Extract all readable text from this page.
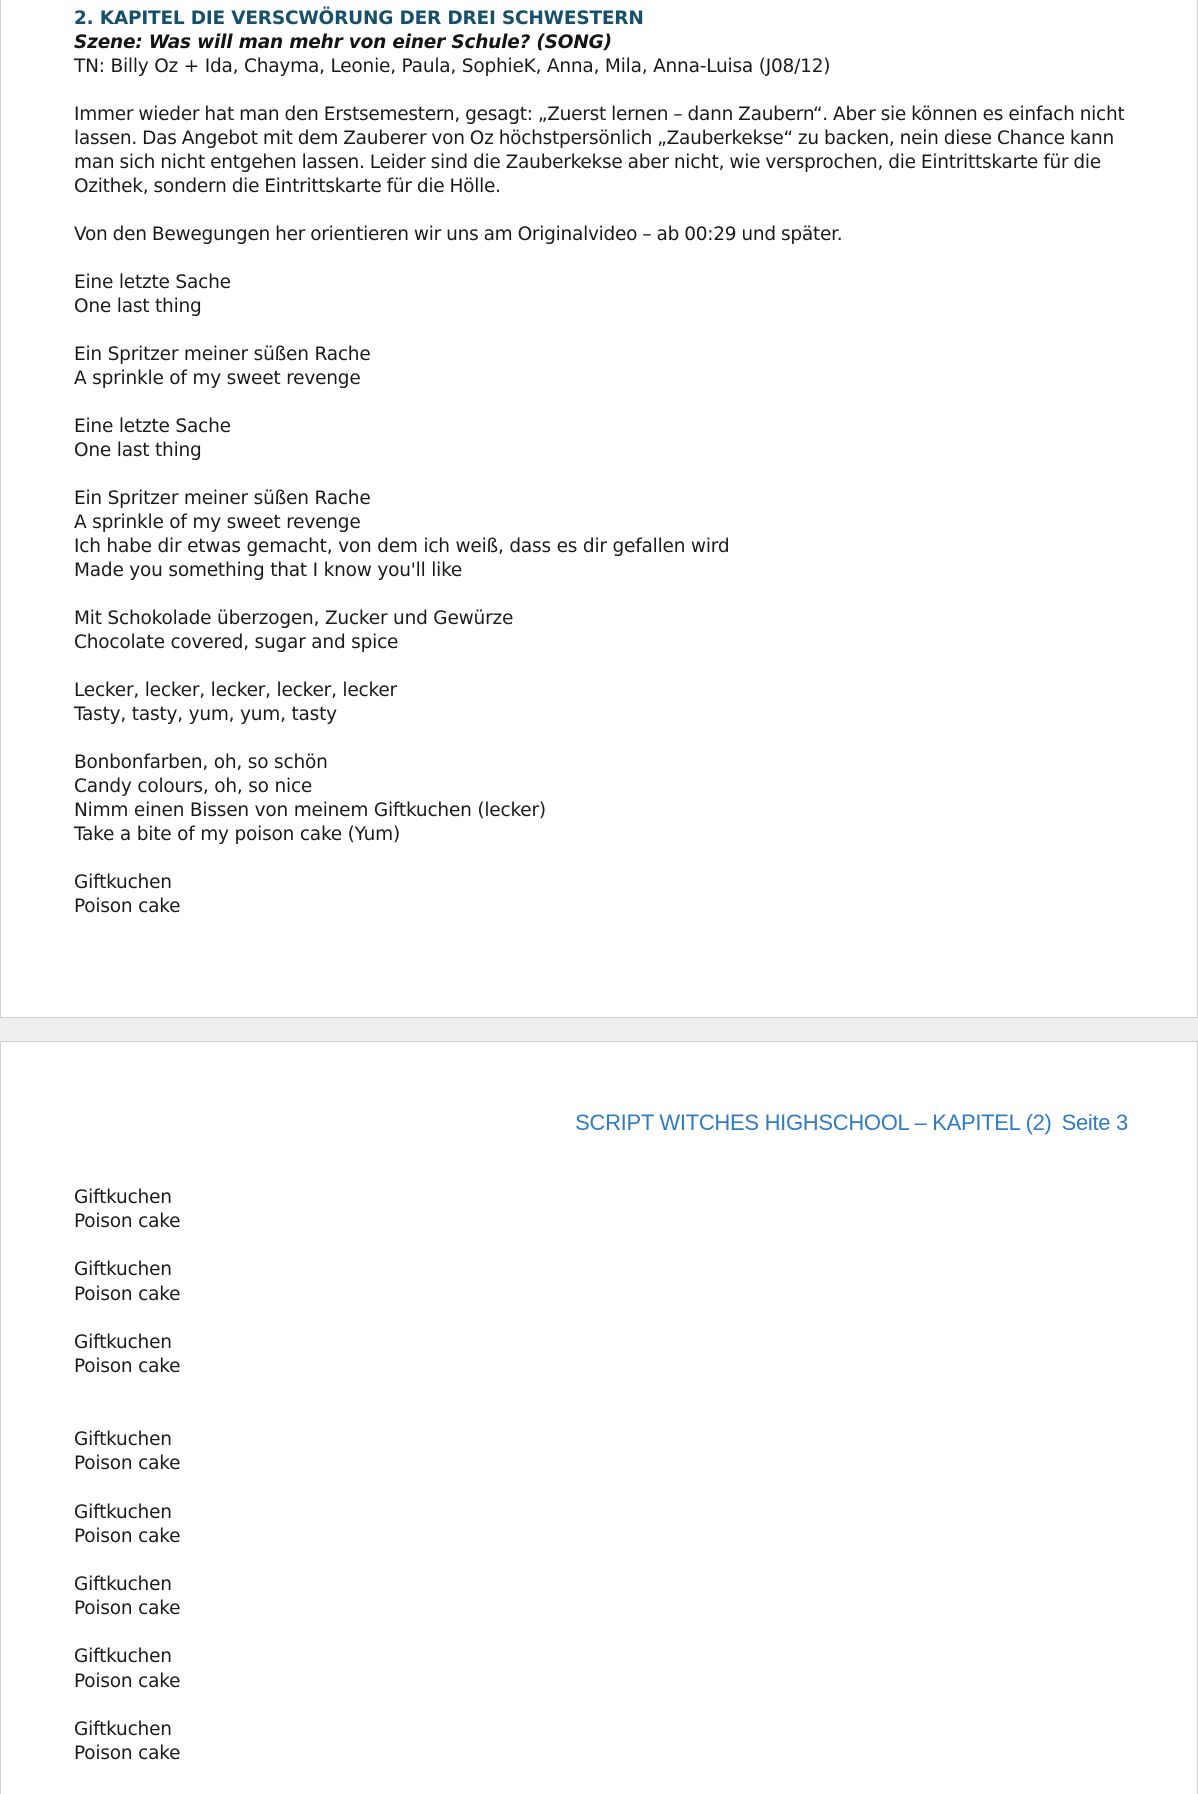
2. KAPITEL DIE VERSCWÖRUNG DER DREI SCHWESTERN

Szene: Was will man mehr von einer Schule? (SONG)

TN: Billy Oz + Ida, Chayma, Leonie, Paula, SophieK, Anna, Mila, Anna-Luisa (J08/12)

Immer wieder hat man den Erstsemestern, gesagt: „Zuerst lernen – dann Zaubern“. Aber sie können es einfach nicht

lassen. Das Angebot mit dem Zauberer von Oz höchstpersönlich „Zauberkekse“ zu backen, nein diese Chance kann

man sich nicht entgehen lassen. Leider sind die Zauberkekse aber nicht, wie versprochen, die Eintrittskarte für die

Ozithek, sondern die Eintrittskarte für die Hölle.

Von den Bewegungen her orientieren wir uns am Originalvideo – ab 00:29 und später.

Eine letzte Sache

One last thing

Ein Spritzer meiner süßen Rache

A sprinkle of my sweet revenge

Eine letzte Sache

One last thing

Ein Spritzer meiner süßen Rache

A sprinkle of my sweet revenge

Ich habe dir etwas gemacht, von dem ich weiß, dass es dir gefallen wird

Made you something that I know you'll like

Mit Schokolade überzogen, Zucker und Gewürze

Chocolate covered, sugar and spice

Lecker, lecker, lecker, lecker, lecker

Tasty, tasty, yum, yum, tasty

Bonbonfarben, oh, so schön

Candy colours, oh, so nice

Nimm einen Bissen von meinem Giftkuchen (lecker)

Take a bite of my poison cake (Yum)

Giftkuchen

Poison cake

Giftkuchen

Poison cake

Giftkuchen

Poison cake

Giftkuchen

Poison cake

Giftkuchen

Poison cake

Giftkuchen

Poison cake

Giftkuchen

Poison cake

Giftkuchen

Poison cake

Giftkuchen

Poison cake

SCRIPT WITCHES HIGHSCHOOL – KAPITEL (2) Seite 3
